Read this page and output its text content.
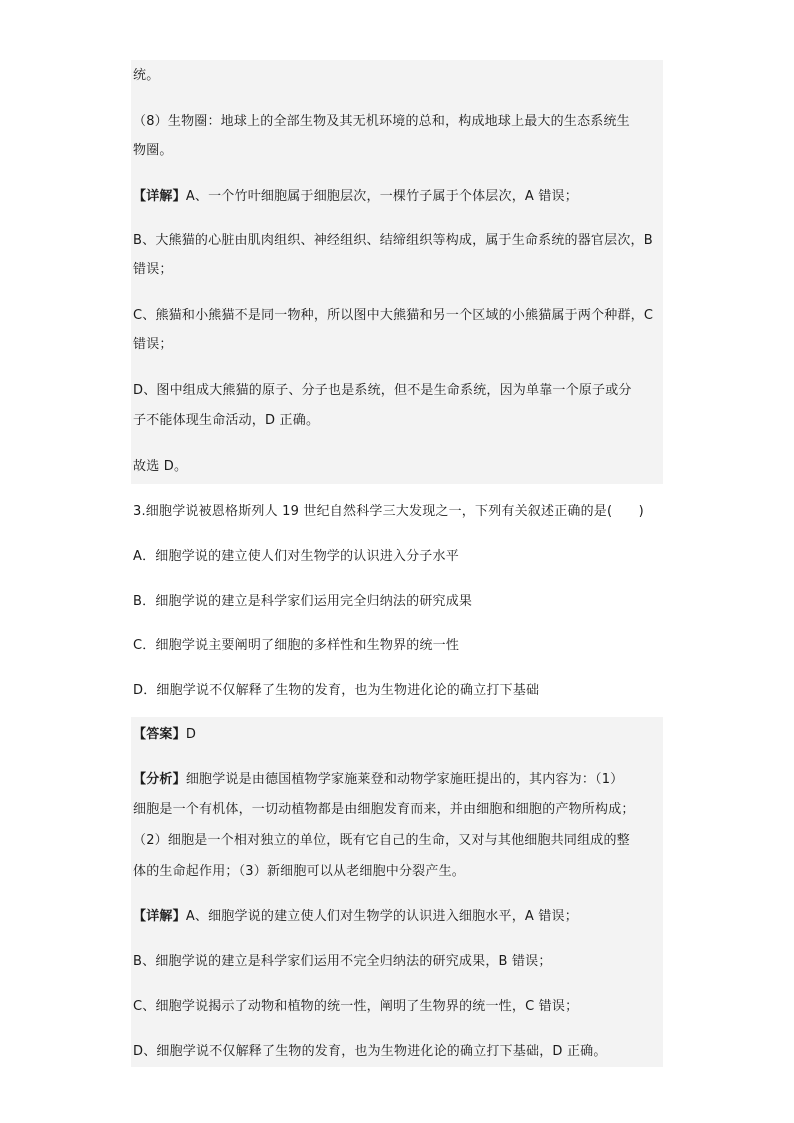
统。
（8）生物圈：地球上的全部生物及其无机环境的总和，构成地球上最大的生态系统生
物圈。
【详解】A、一个竹叶细胞属于细胞层次，一棵竹子属于个体层次，A 错误；
B、大熊猫的心脏由肌肉组织、神经组织、结缔组织等构成，属于生命系统的器官层次，B
错误；
C、熊猫和小熊猫不是同一物种，所以图中大熊猫和另一个区域的小熊猫属于两个种群，C
错误；
D、图中组成大熊猫的原子、分子也是系统，但不是生命系统，因为单靠一个原子或分
子不能体现生命活动，D 正确。
故选 D。
3.细胞学说被恩格斯列人 19 世纪自然科学三大发现之一，下列有关叙述正确的是(　　)
A．细胞学说的建立使人们对生物学的认识进入分子水平
B．细胞学说的建立是科学家们运用完全归纳法的研究成果
C．细胞学说主要阐明了细胞的多样性和生物界的统一性
D．细胞学说不仅解释了生物的发育，也为生物进化论的确立打下基础
【答案】D
【分析】细胞学说是由德国植物学家施莱登和动物学家施旺提出的，其内容为：（1）
细胞是一个有机体，一切动植物都是由细胞发育而来，并由细胞和细胞的产物所构成；
（2）细胞是一个相对独立的单位，既有它自己的生命，又对与其他细胞共同组成的整
体的生命起作用；（3）新细胞可以从老细胞中分裂产生。
【详解】A、细胞学说的建立使人们对生物学的认识进入细胞水平，A 错误；
B、细胞学说的建立是科学家们运用不完全归纳法的研究成果，B 错误；
C、细胞学说揭示了动物和植物的统一性，阐明了生物界的统一性，C 错误；
D、细胞学说不仅解释了生物的发育，也为生物进化论的确立打下基础，D 正确。
